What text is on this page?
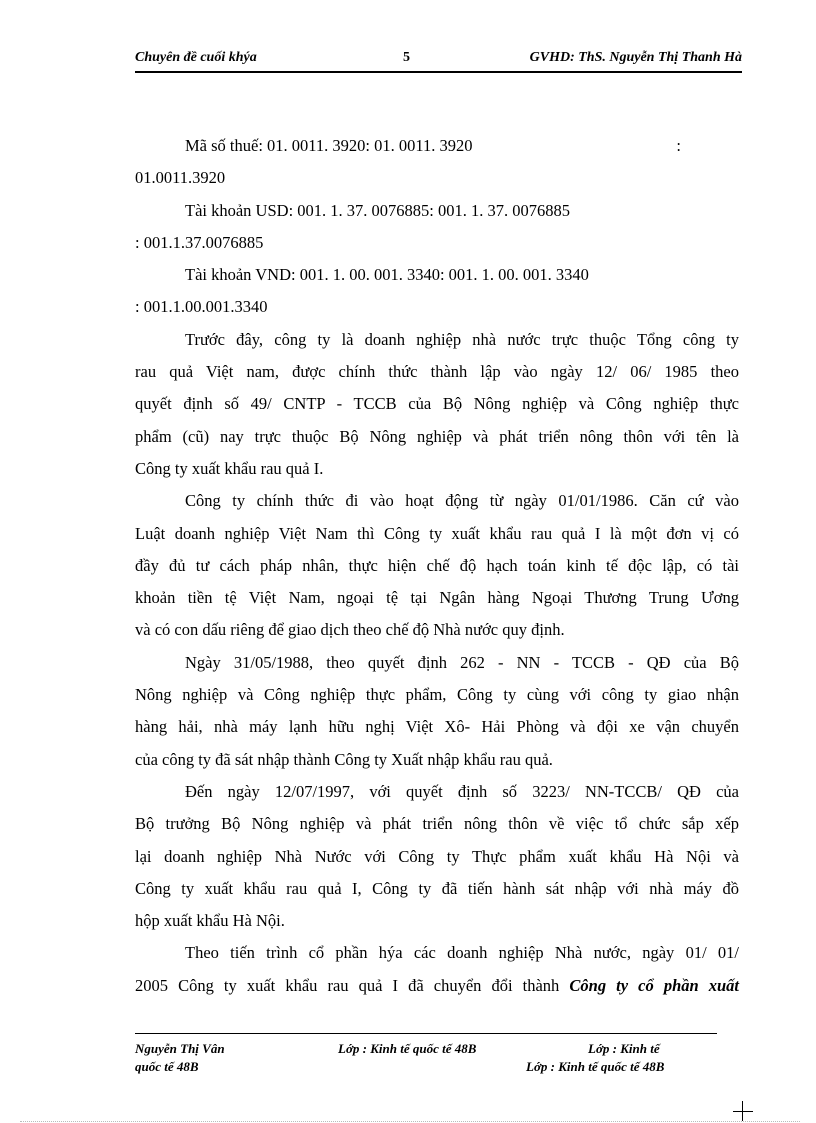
Chuyên đề cuối khýa	5	GVHD: ThS. Nguyễn Thị Thanh Hà
Mã số thuế: 01. 0011. 3920: 01. 0011. 3920	:
01.0011.3920
Tài khoản USD: 001. 1. 37. 0076885: 001. 1. 37. 0076885
: 001.1.37.0076885
Tài khoản VND: 001. 1. 00. 001. 3340: 001. 1. 00. 001. 3340
: 001.1.00.001.3340
Trước đây, công ty là doanh nghiệp nhà nước trực thuộc Tổng công ty
rau quả Việt nam, được chính thức thành lập vào ngày 12/ 06/ 1985 theo
quyết định số 49/ CNTP - TCCB của Bộ Nông nghiệp và Công nghiệp thực
phẩm (cũ) nay trực thuộc Bộ Nông nghiệp và phát triển nông thôn với tên là
Công ty xuất khẩu rau quả I.
Công ty chính thức đi vào hoạt động từ ngày 01/01/1986. Căn cứ vào
Luật doanh nghiệp Việt Nam thì Công ty xuất khẩu rau quả I là một đơn vị có
đầy đủ tư cách pháp nhân, thực hiện chế độ hạch toán kinh tế độc lập, có tài
khoản tiền tệ Việt Nam, ngoại tệ tại Ngân hàng Ngoại Thương Trung Ương
và có con dấu riêng để giao dịch theo chế độ Nhà nước quy định.
Ngày 31/05/1988, theo quyết định 262 - NN - TCCB - QĐ của Bộ
Nông nghiệp và Công nghiệp thực phẩm, Công ty cùng với công ty giao nhận
hàng hải, nhà máy lạnh hữu nghị Việt Xô- Hải Phòng và đội xe vận chuyển
của công ty đã sát nhập thành Công ty Xuất nhập khẩu rau quả.
Đến ngày 12/07/1997, với quyết định số 3223/ NN-TCCB/ QĐ của
Bộ trưởng Bộ Nông nghiệp và phát triển nông thôn về việc tổ chức sắp xếp
lại doanh nghiệp Nhà Nước với Công ty Thực phẩm xuất khẩu Hà Nội và
Công ty xuất khẩu rau quả I, Công ty đã tiến hành sát nhập với nhà máy đồ
hộp xuất khẩu Hà Nội.
Theo tiến trình cổ phần hýa các doanh nghiệp Nhà nước, ngày 01/ 01/
2005 Công ty xuất khẩu rau quả I đã chuyển đổi thành Công ty cổ phần xuất
Nguyễn Thị Vân	Lớp : Kinh tế quốc tế 48B	Lớp : Kinh tế
quốc tế 48B	Lớp : Kinh tế quốc tế 48B
